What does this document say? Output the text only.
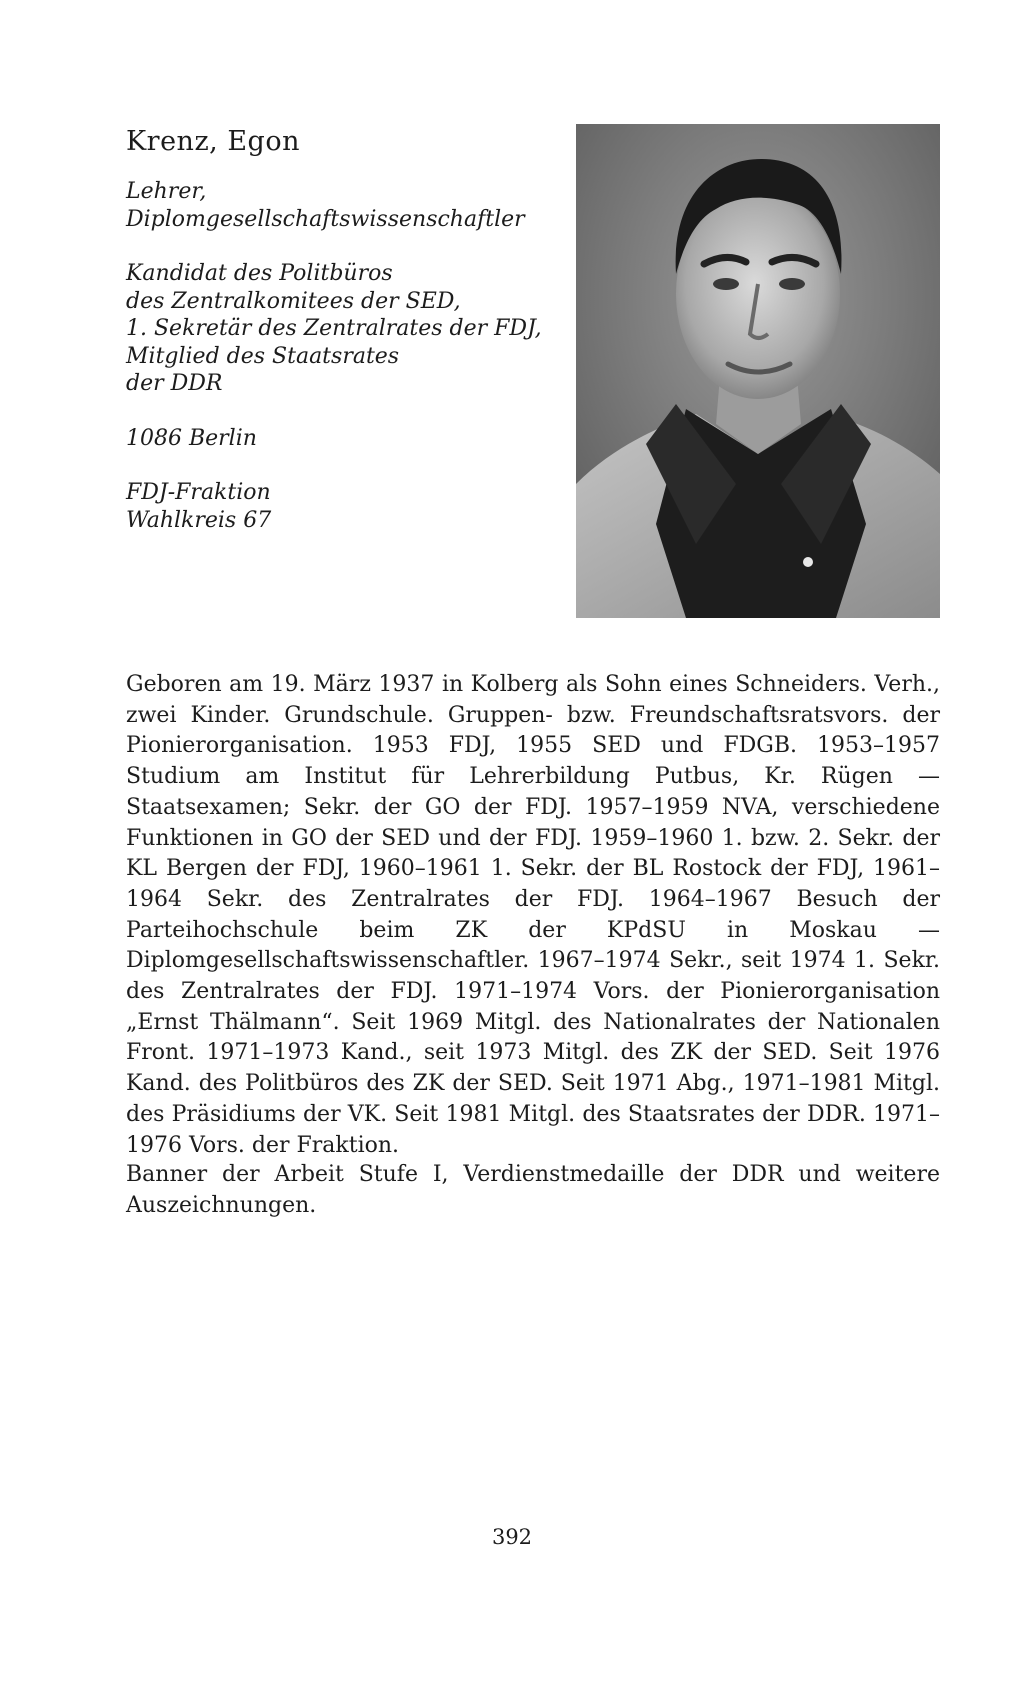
Krenz, Egon
Lehrer,
Diplomgesellschaftswissenschaftler
Kandidat des Politbüros
des Zentralkomitees der SED,
1. Sekretär des Zentralrates der FDJ,
Mitglied des Staatsrates
der DDR
1086 Berlin
FDJ-Fraktion
Wahlkreis 67

Geboren am 19. März 1937 in Kolberg als Sohn eines Schneiders. Verh., zwei Kinder. Grundschule. Gruppen- bzw. Freundschaftsratsvors. der Pionierorganisation. 1953 FDJ, 1955 SED und FDGB. 1953–1957 Studium am Institut für Lehrerbildung Putbus, Kr. Rügen — Staatsexamen; Sekr. der GO der FDJ. 1957–1959 NVA, verschiedene Funktionen in GO der SED und der FDJ. 1959–1960 1. bzw. 2. Sekr. der KL Bergen der FDJ, 1960–1961 1. Sekr. der BL Rostock der FDJ, 1961–1964 Sekr. des Zentralrates der FDJ. 1964–1967 Besuch der Parteihochschule beim ZK der KPdSU in Moskau — Diplomgesellschaftswissenschaftler. 1967–1974 Sekr., seit 1974 1. Sekr. des Zentralrates der FDJ. 1971–1974 Vors. der Pionierorganisation „Ernst Thälmann“. Seit 1969 Mitgl. des Nationalrates der Nationalen Front. 1971–1973 Kand., seit 1973 Mitgl. des ZK der SED. Seit 1976 Kand. des Politbüros des ZK der SED. Seit 1971 Abg., 1971–1981 Mitgl. des Präsidiums der VK. Seit 1981 Mitgl. des Staatsrates der DDR. 1971–1976 Vors. der Fraktion.

Banner der Arbeit Stufe I, Verdienstmedaille der DDR und weitere Auszeichnungen.

392
